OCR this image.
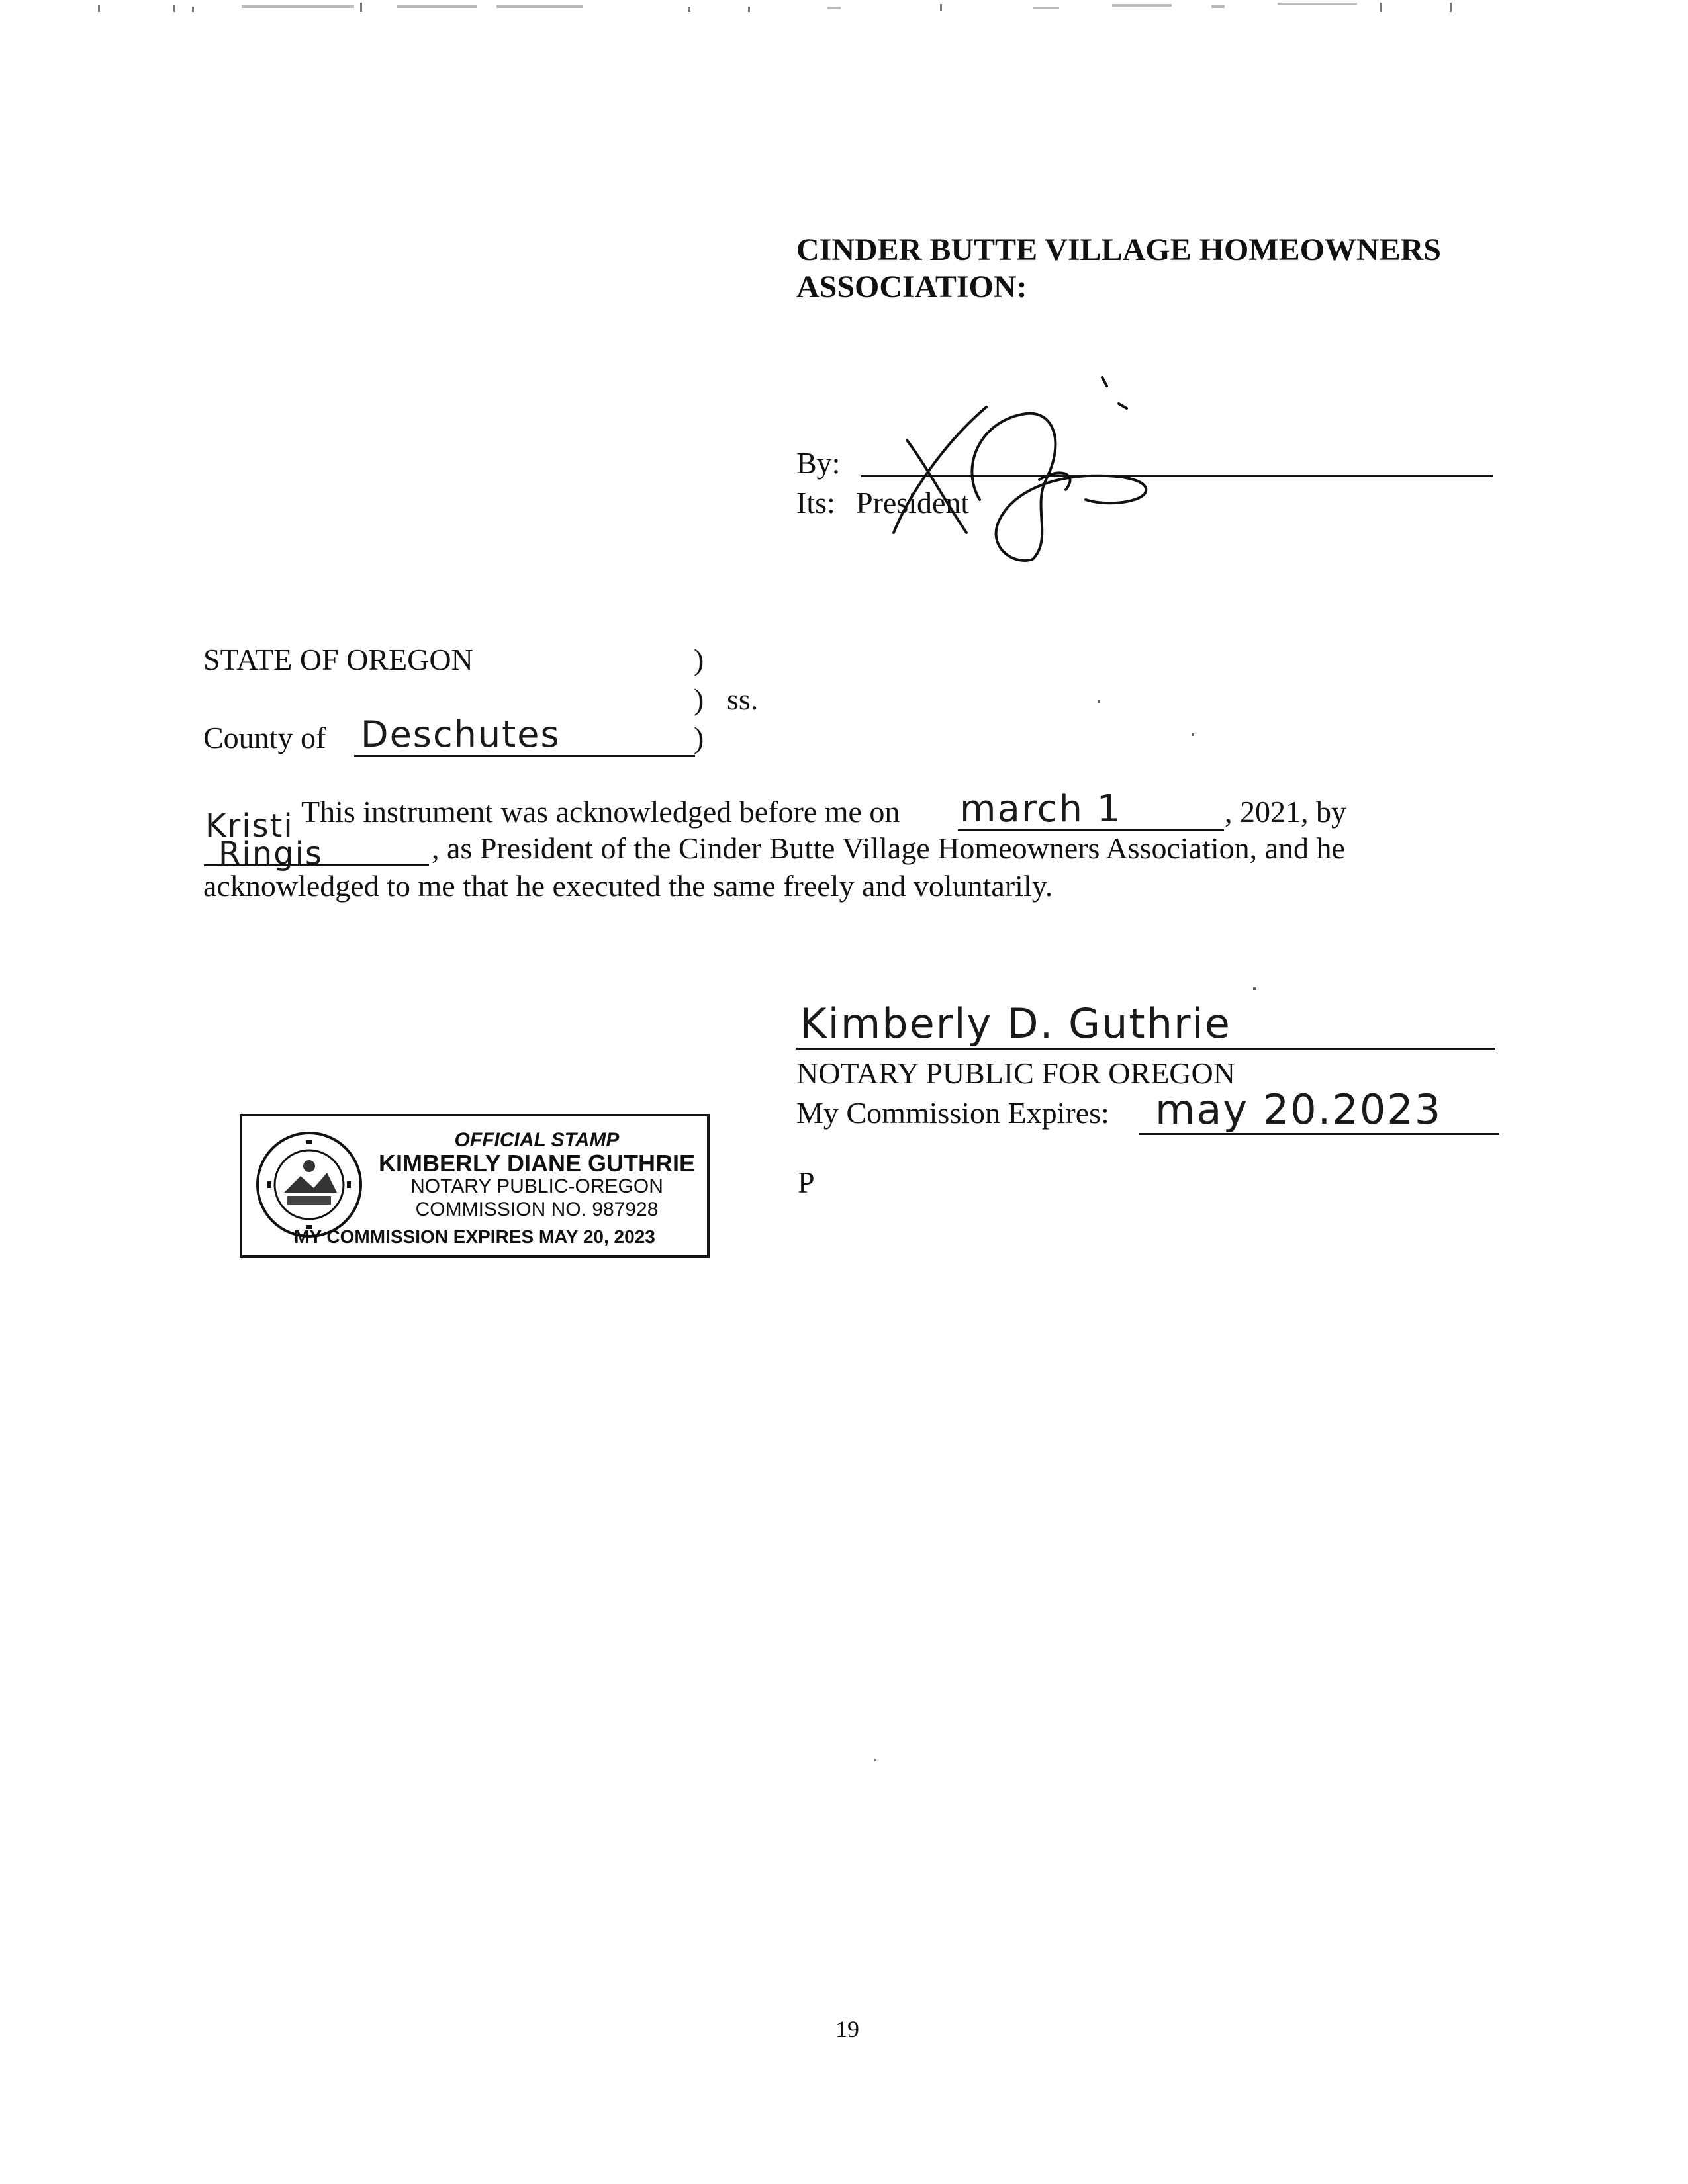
CINDER BUTTE VILLAGE HOMEOWNERS
ASSOCIATION:
By:
Its: President
STATE OF OREGON	)
) ss.
County of Deschutes	)
This instrument was acknowledged before me on march 1	, 2021, by
Kristi
Ringis	, as President of the Cinder Butte Village Homeowners Association, and he
acknowledged to me that he executed the same freely and voluntarily.
Kimberly D. Guthrie
NOTARY PUBLIC FOR OREGON
My Commission Expires: may 20.2023
P
OFFICIAL STAMP
KIMBERLY DIANE GUTHRIE
NOTARY PUBLIC-OREGON
COMMISSION NO. 987928
MY COMMISSION EXPIRES MAY 20, 2023
19
